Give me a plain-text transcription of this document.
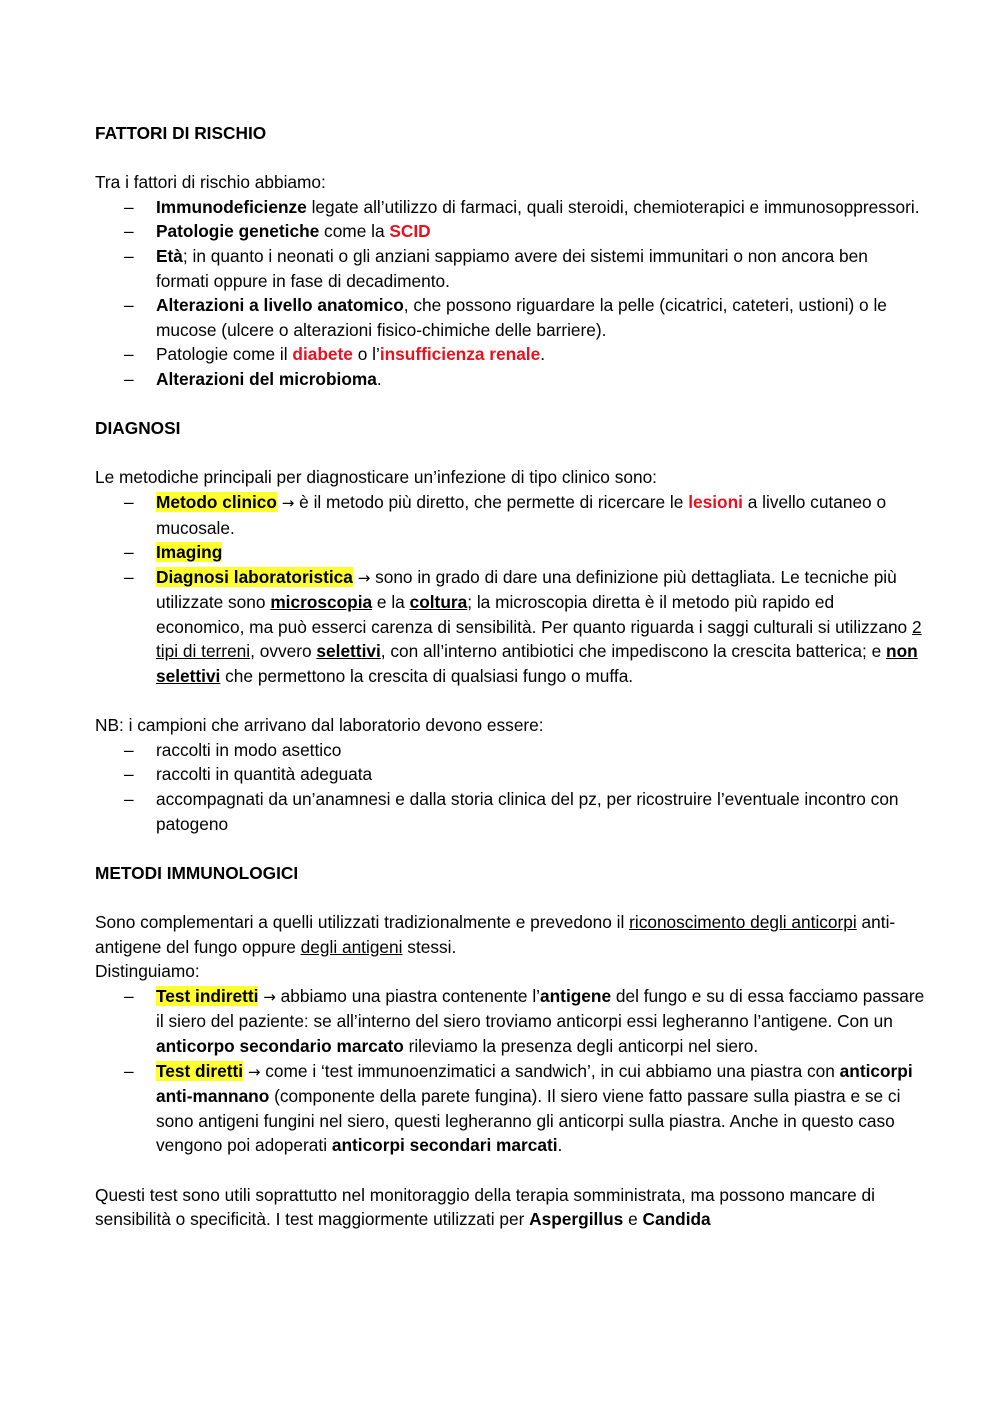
FATTORI DI RISCHIO
Tra i fattori di rischio abbiamo:
– Immunodeficienze legate all’utilizzo di farmaci, quali steroidi, chemioterapici e immunosoppressori.
– Patologie genetiche come la SCID
– Età; in quanto i neonati o gli anziani sappiamo avere dei sistemi immunitari o non ancora ben formati oppure in fase di decadimento.
– Alterazioni a livello anatomico, che possono riguardare la pelle (cicatrici, cateteri, ustioni) o le mucose (ulcere o alterazioni fisico-chimiche delle barriere).
– Patologie come il diabete o l’insufficienza renale.
– Alterazioni del microbioma.
DIAGNOSI
Le metodiche principali per diagnosticare un’infezione di tipo clinico sono:
– Metodo clinico → è il metodo più diretto, che permette di ricercare le lesioni a livello cutaneo o mucosale.
– Imaging
– Diagnosi laboratoristica → sono in grado di dare una definizione più dettagliata. Le tecniche più utilizzate sono microscopia e la coltura; la microscopia diretta è il metodo più rapido ed economico, ma può esserci carenza di sensibilità. Per quanto riguarda i saggi culturali si utilizzano 2 tipi di terreni, ovvero selettivi, con all’interno antibiotici che impediscono la crescita batterica; e non selettivi che permettono la crescita di qualsiasi fungo o muffa.
NB: i campioni che arrivano dal laboratorio devono essere:
– raccolti in modo asettico
– raccolti in quantità adeguata
– accompagnati da un’anamnesi e dalla storia clinica del pz, per ricostruire l’eventuale incontro con patogeno
METODI IMMUNOLOGICI
Sono complementari a quelli utilizzati tradizionalmente e prevedono il riconoscimento degli anticorpi anti-antigene del fungo oppure degli antigeni stessi.
Distinguiamo:
– Test indiretti → abbiamo una piastra contenente l’antigene del fungo e su di essa facciamo passare il siero del paziente: se all’interno del siero troviamo anticorpi essi legheranno l’antigene. Con un anticorpo secondario marcato rileviamo la presenza degli anticorpi nel siero.
– Test diretti → come i ‘test immunoenzimatici a sandwich’, in cui abbiamo una piastra con anticorpi anti-mannano (componente della parete fungina). Il siero viene fatto passare sulla piastra e se ci sono antigeni fungini nel siero, questi legheranno gli anticorpi sulla piastra. Anche in questo caso vengono poi adoperati anticorpi secondari marcati.
Questi test sono utili soprattutto nel monitoraggio della terapia somministrata, ma possono mancare di sensibilità o specificità. I test maggiormente utilizzati per Aspergillus e Candida
